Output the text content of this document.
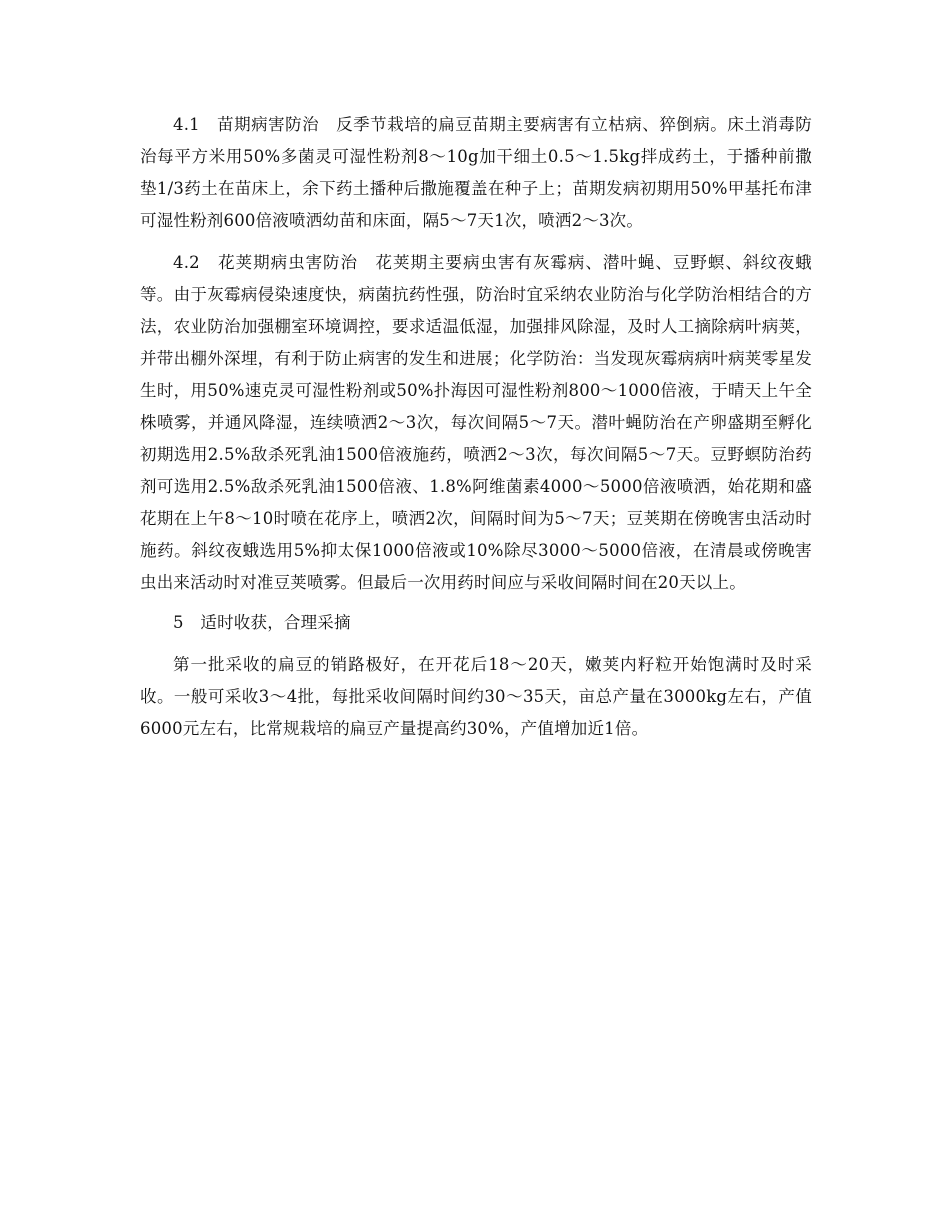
4.1　苗期病害防治　反季节栽培的扁豆苗期主要病害有立枯病、猝倒病。床土消毒防治每平方米用50%多菌灵可湿性粉剂8～10g加干细土0.5～1.5kg拌成药土，于播种前撒垫1/3药土在苗床上，余下药土播种后撒施覆盖在种子上；苗期发病初期用50%甲基托布津可湿性粉剂600倍液喷洒幼苗和床面，隔5～7天1次，喷洒2～3次。

4.2　花荚期病虫害防治　花荚期主要病虫害有灰霉病、潜叶蝇、豆野螟、斜纹夜蛾等。由于灰霉病侵染速度快，病菌抗药性强，防治时宜采纳农业防治与化学防治相结合的方法，农业防治加强棚室环境调控，要求适温低湿，加强排风除湿，及时人工摘除病叶病荚，并带出棚外深埋，有利于防止病害的发生和进展；化学防治：当发现灰霉病病叶病荚零星发生时，用50%速克灵可湿性粉剂或50%扑海因可湿性粉剂800～1000倍液，于晴天上午全株喷雾，并通风降湿，连续喷洒2～3次，每次间隔5～7天。潜叶蝇防治在产卵盛期至孵化初期选用2.5%敌杀死乳油1500倍液施药，喷洒2～3次，每次间隔5～7天。豆野螟防治药剂可选用2.5%敌杀死乳油1500倍液、1.8%阿维菌素4000～5000倍液喷洒，始花期和盛花期在上午8～10时喷在花序上，喷洒2次，间隔时间为5～7天；豆荚期在傍晚害虫活动时施药。斜纹夜蛾选用5%抑太保1000倍液或10%除尽3000～5000倍液，在清晨或傍晚害虫出来活动时对准豆荚喷雾。但最后一次用药时间应与采收间隔时间在20天以上。

5　适时收获，合理采摘

第一批采收的扁豆的销路极好，在开花后18～20天，嫩荚内籽粒开始饱满时及时采收。一般可采收3～4批，每批采收间隔时间约30～35天，亩总产量在3000kg左右，产值6000元左右，比常规栽培的扁豆产量提高约30%，产值增加近1倍。
